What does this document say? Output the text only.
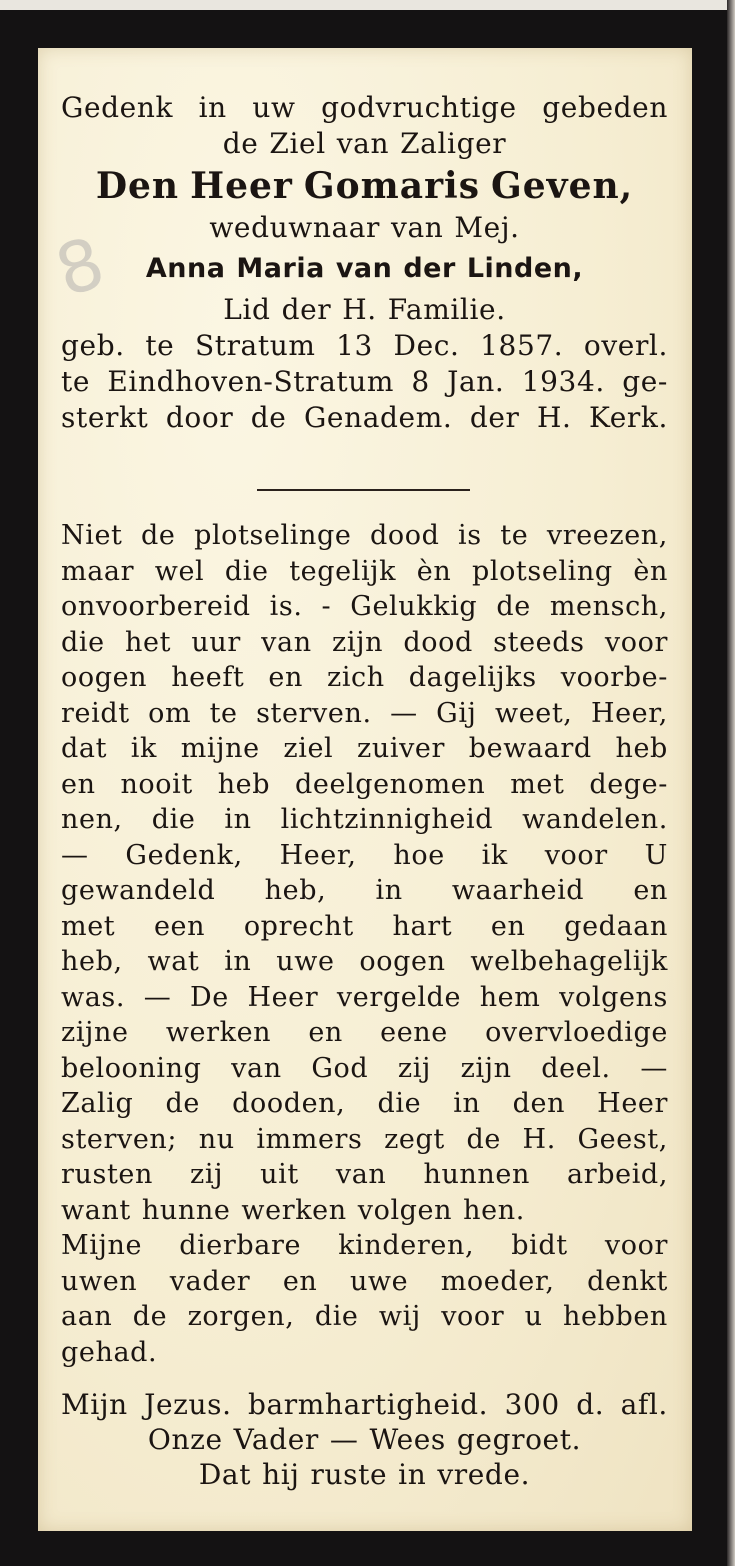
8
Gedenk in uw godvruchtige gebeden
de Ziel van Zaliger
Den Heer Gomaris Geven,
weduwnaar van Mej.
Anna Maria van der Linden,
Lid der H. Familie.
geb. te Stratum 13 Dec. 1857. overl.
te Eindhoven-Stratum 8 Jan. 1934. ge-
sterkt door de Genadem. der H. Kerk.
Niet de plotselinge dood is te vreezen,
maar wel die tegelijk èn plotseling èn
onvoorbereid is. - Gelukkig de mensch,
die het uur van zijn dood steeds voor
oogen heeft en zich dagelijks voorbe-
reidt om te sterven. — Gij weet, Heer,
dat ik mijne ziel zuiver bewaard heb
en nooit heb deelgenomen met dege-
nen, die in lichtzinnigheid wandelen.
— Gedenk, Heer, hoe ik voor U
gewandeld heb, in waarheid en
met een oprecht hart en gedaan
heb, wat in uwe oogen welbehagelijk
was. — De Heer vergelde hem volgens
zijne werken en eene overvloedige
belooning van God zij zijn deel. —
Zalig de dooden, die in den Heer
sterven; nu immers zegt de H. Geest,
rusten zij uit van hunnen arbeid,
want hunne werken volgen hen.
Mijne dierbare kinderen, bidt voor
uwen vader en uwe moeder, denkt
aan de zorgen, die wij voor u hebben
gehad.
Mijn Jezus. barmhartigheid. 300 d. afl.
Onze Vader — Wees gegroet.
Dat hij ruste in vrede.
